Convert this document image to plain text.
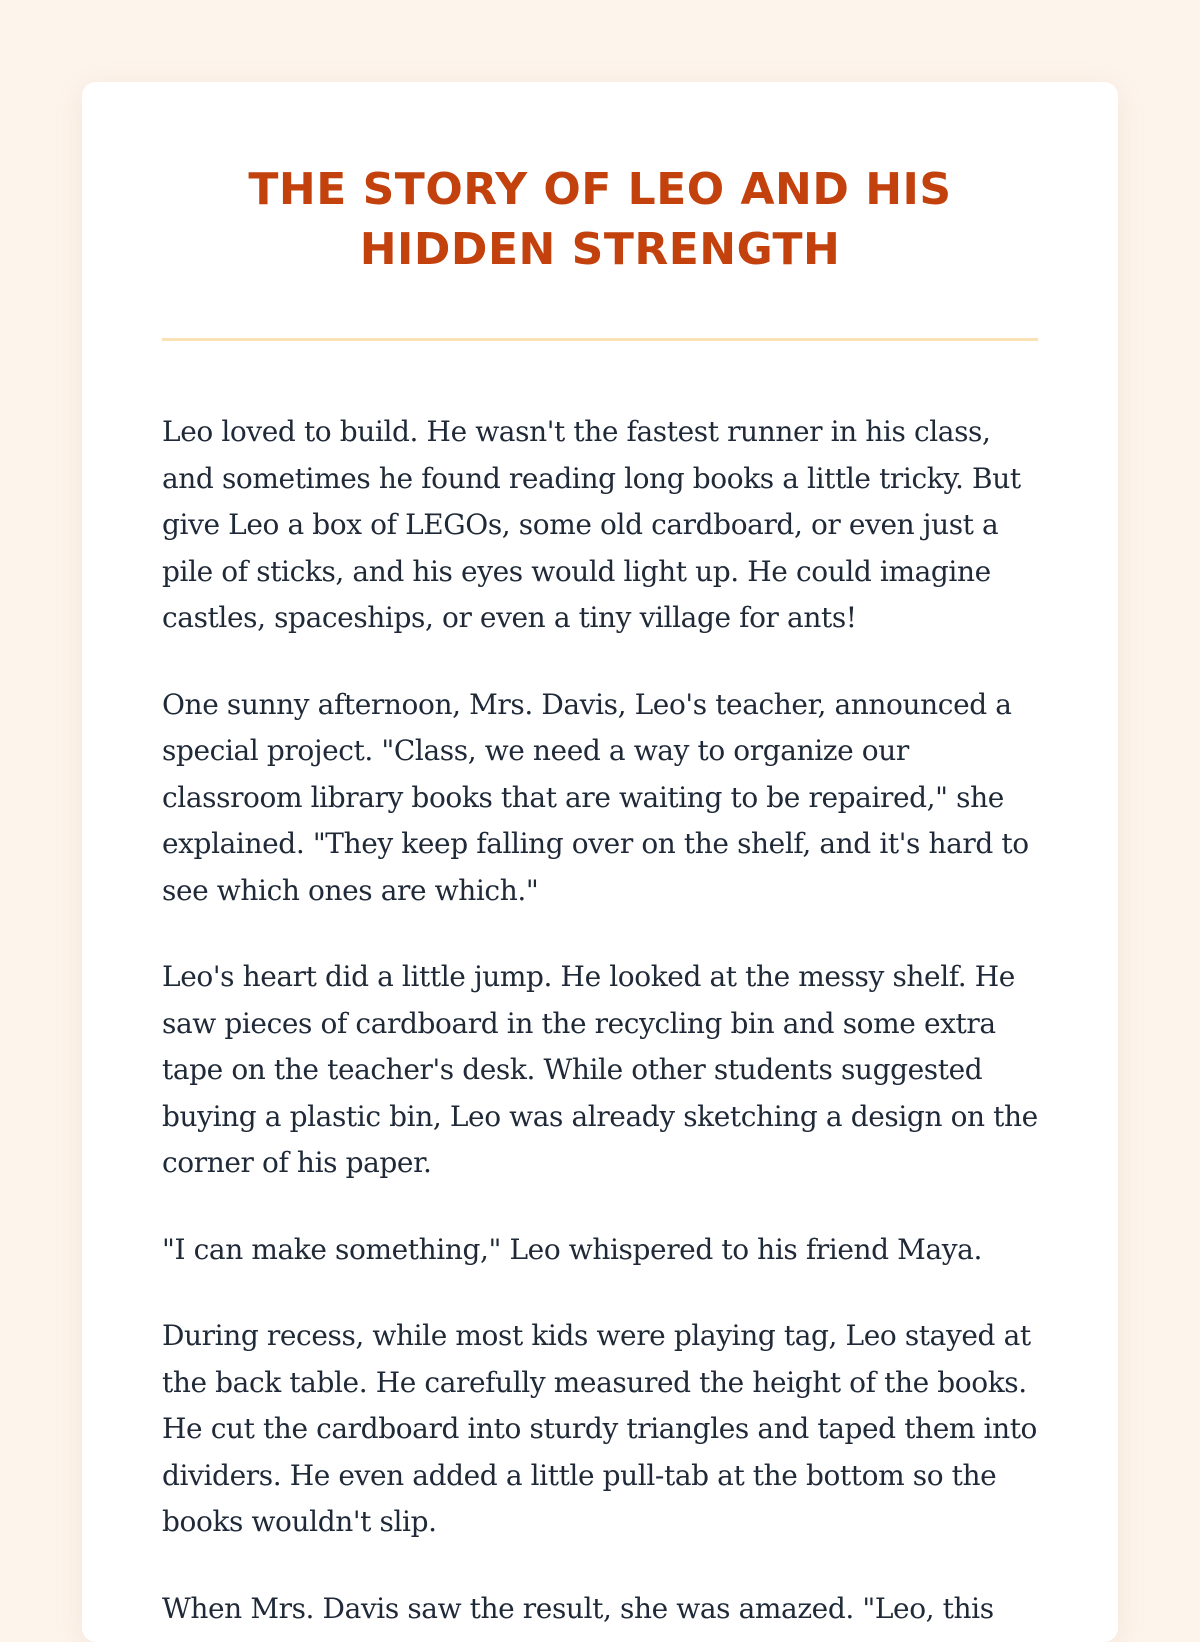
THE STORY OF LEO AND HIS HIDDEN STRENGTH

Leo loved to build. He wasn't the fastest runner in his class, and sometimes he found reading long books a little tricky. But give Leo a box of LEGOs, some old cardboard, or even just a pile of sticks, and his eyes would light up. He could imagine castles, spaceships, or even a tiny village for ants!

One sunny afternoon, Mrs. Davis, Leo's teacher, announced a special project. "Class, we need a way to organize our classroom library books that are waiting to be repaired," she explained. "They keep falling over on the shelf, and it's hard to see which ones are which."

Leo's heart did a little jump. He looked at the messy shelf. He saw pieces of cardboard in the recycling bin and some extra tape on the teacher's desk. While other students suggested buying a plastic bin, Leo was already sketching a design on the corner of his paper.

"I can make something," Leo whispered to his friend Maya.

During recess, while most kids were playing tag, Leo stayed at the back table. He carefully measured the height of the books. He cut the cardboard into sturdy triangles and taped them into dividers. He even added a little pull-tab at the bottom so the books wouldn't slip.

When Mrs. Davis saw the result, she was amazed. "Leo, this
